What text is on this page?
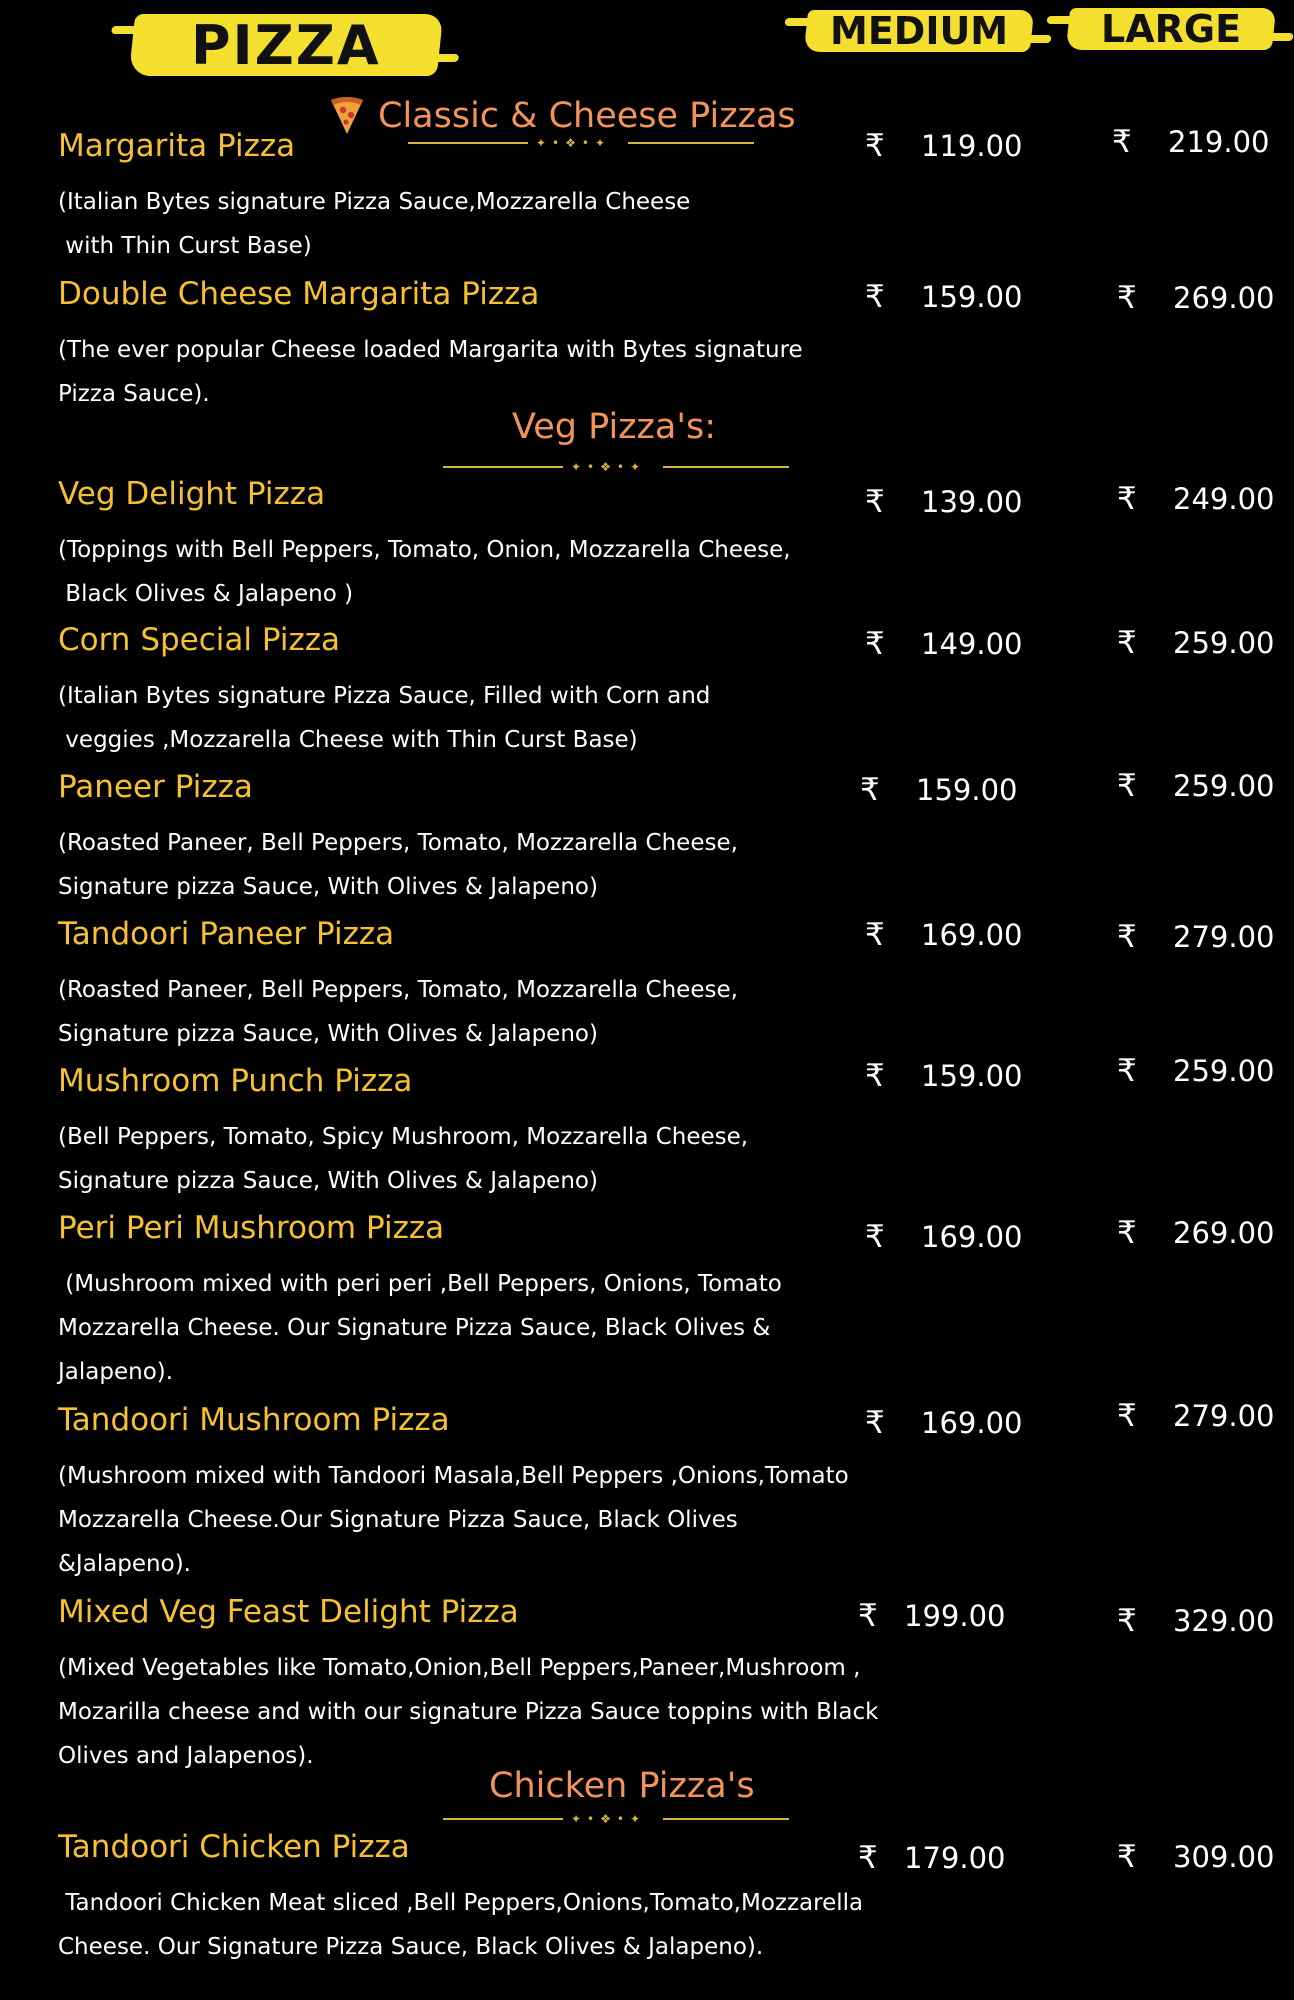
PIZZA	MEDIUM LARGE
Classic & Cheese Pizzas
✦•❖•✦
Veg Pizza's:
✦•❖•✦
Chicken Pizza's
✦•❖•✦
Margarita Pizza
(Italian Bytes signature Pizza Sauce,Mozzarella Cheese
with Thin Curst Base)
₹ 119.00	₹ 219.00
Double Cheese Margarita Pizza
(The ever popular Cheese loaded Margarita with Bytes signature
Pizza Sauce).
₹ 159.00	₹ 269.00
Veg Delight Pizza
(Toppings with Bell Peppers, Tomato, Onion, Mozzarella Cheese,
Black Olives & Jalapeno )
₹ 139.00	₹ 249.00
Corn Special Pizza
(Italian Bytes signature Pizza Sauce, Filled with Corn and
veggies ,Mozzarella Cheese with Thin Curst Base)
₹ 149.00	₹ 259.00
Paneer Pizza
(Roasted Paneer, Bell Peppers, Tomato, Mozzarella Cheese,
Signature pizza Sauce, With Olives & Jalapeno)
₹ 159.00	₹ 259.00
Tandoori Paneer Pizza
(Roasted Paneer, Bell Peppers, Tomato, Mozzarella Cheese,
Signature pizza Sauce, With Olives & Jalapeno)
₹ 169.00	₹ 279.00
Mushroom Punch Pizza
(Bell Peppers, Tomato, Spicy Mushroom, Mozzarella Cheese,
Signature pizza Sauce, With Olives & Jalapeno)
₹ 159.00	₹ 259.00
Peri Peri Mushroom Pizza
(Mushroom mixed with peri peri ,Bell Peppers, Onions, Tomato
Mozzarella Cheese. Our Signature Pizza Sauce, Black Olives &
Jalapeno).
₹ 169.00	₹ 269.00
Tandoori Mushroom Pizza
(Mushroom mixed with Tandoori Masala,Bell Peppers ,Onions,Tomato
Mozzarella Cheese.Our Signature Pizza Sauce, Black Olives
&Jalapeno).
₹ 169.00	₹ 279.00
Mixed Veg Feast Delight Pizza
(Mixed Vegetables like Tomato,Onion,Bell Peppers,Paneer,Mushroom ,
Mozarilla cheese and with our signature Pizza Sauce toppins with Black
Olives and Jalapenos).
₹ 199.00	₹ 329.00
Tandoori Chicken Pizza
Tandoori Chicken Meat sliced ,Bell Peppers,Onions,Tomato,Mozzarella
Cheese. Our Signature Pizza Sauce, Black Olives & Jalapeno).
₹ 179.00	₹ 309.00
